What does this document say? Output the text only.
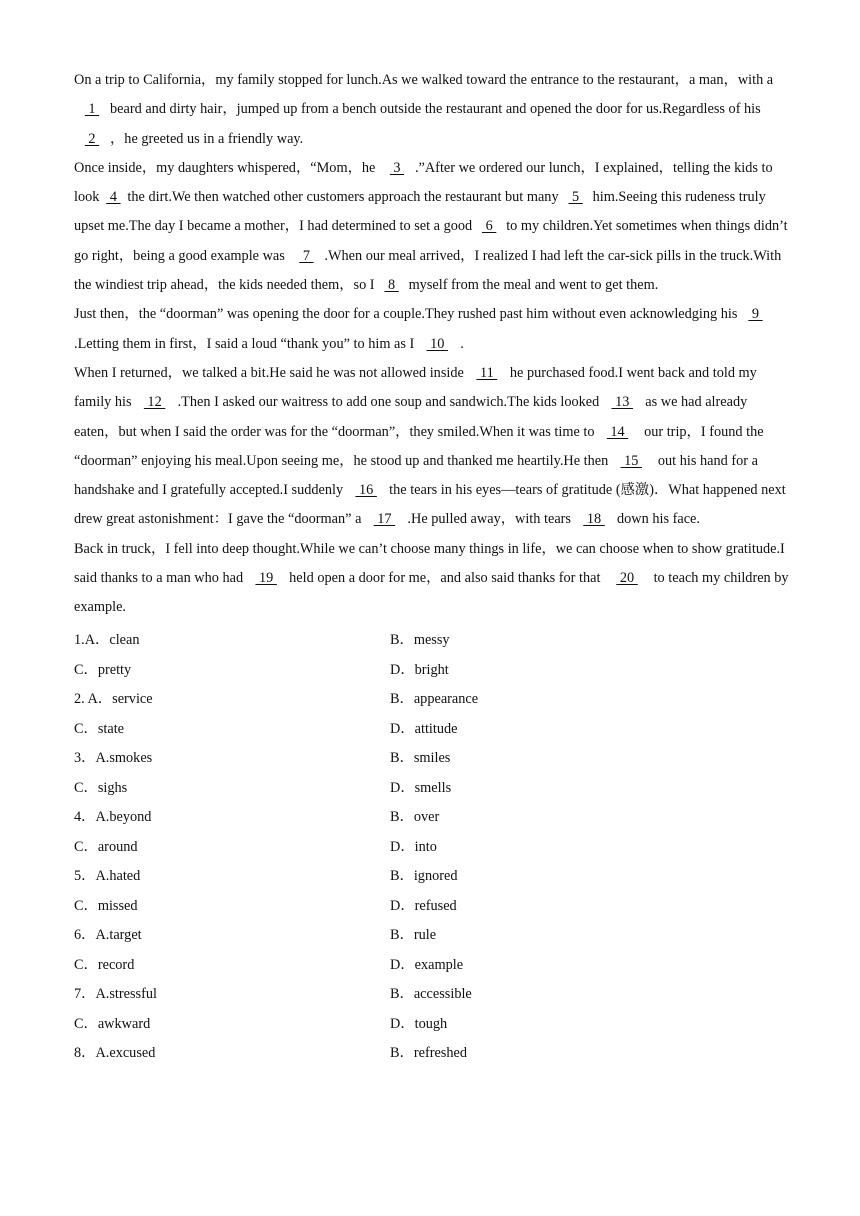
On a trip to California，my family stopped for lunch.As we walked toward the entrance to the restaurant，a man，with a 1 beard and dirty hair，jumped up from a bench outside the restaurant and opened the door for us.Regardless of his 2 ，he greeted us in a friendly way.

Once inside，my daughters whispered，“Mom，he  3 .”After we ordered our lunch，I explained，telling the kids to look 4 the dirt.We then watched other customers approach the restaurant but many 5 him.Seeing this rudeness truly upset me.The day I became a mother，I had determined to set a good 6 to my children.Yet sometimes when things didn’t go right，being a good example was  7 .When our meal arrived，I realized I had left the car-sick pills in the truck.With the windiest trip ahead，the kids needed them，so I 8 myself from the meal and went to get them.

Just then，the “doorman” was opening the door for a couple.They rushed past him without even acknowledging his 9 .Letting them in first，I said a loud “thank you” to him as I 10 .

When I returned，we talked a bit.He said he was not allowed inside 11 he purchased food.I went back and told my family his 12 .Then I asked our waitress to add one soup and sandwich.The kids looked 13 as we had already eaten，but when I said the order was for the “doorman”，they smiled.When it was time to 14  our trip，I found the “doorman” enjoying his meal.Upon seeing me，he stood up and thanked me heartily.He then 15  out his hand for a handshake and I gratefully accepted.I suddenly 16 the tears in his eyes—tears of gratitude (感激)．What happened next drew great astonishment：I gave the “doorman” a 17 .He pulled away，with tears 18 down his face.

Back in truck，I fell into deep thought.While we can’t choose many things in life，we can choose when to show gratitude.I said thanks to a man who had 19 held open a door for me，and also said thanks for that  20  to teach my children by example.

1.A．clean	B．messy
C．pretty	D．bright
2. A．service	B．appearance
C．state	D．attitude
3．A.smokes	B．smiles
C．sighs	D．smells
4．A.beyond	B．over
C．around	D．into
5．A.hated	B．ignored
C．missed	D．refused
6．A.target	B．rule
C．record	D．example
7．A.stressful	B．accessible
C．awkward	D．tough
8．A.excused	B．refreshed
